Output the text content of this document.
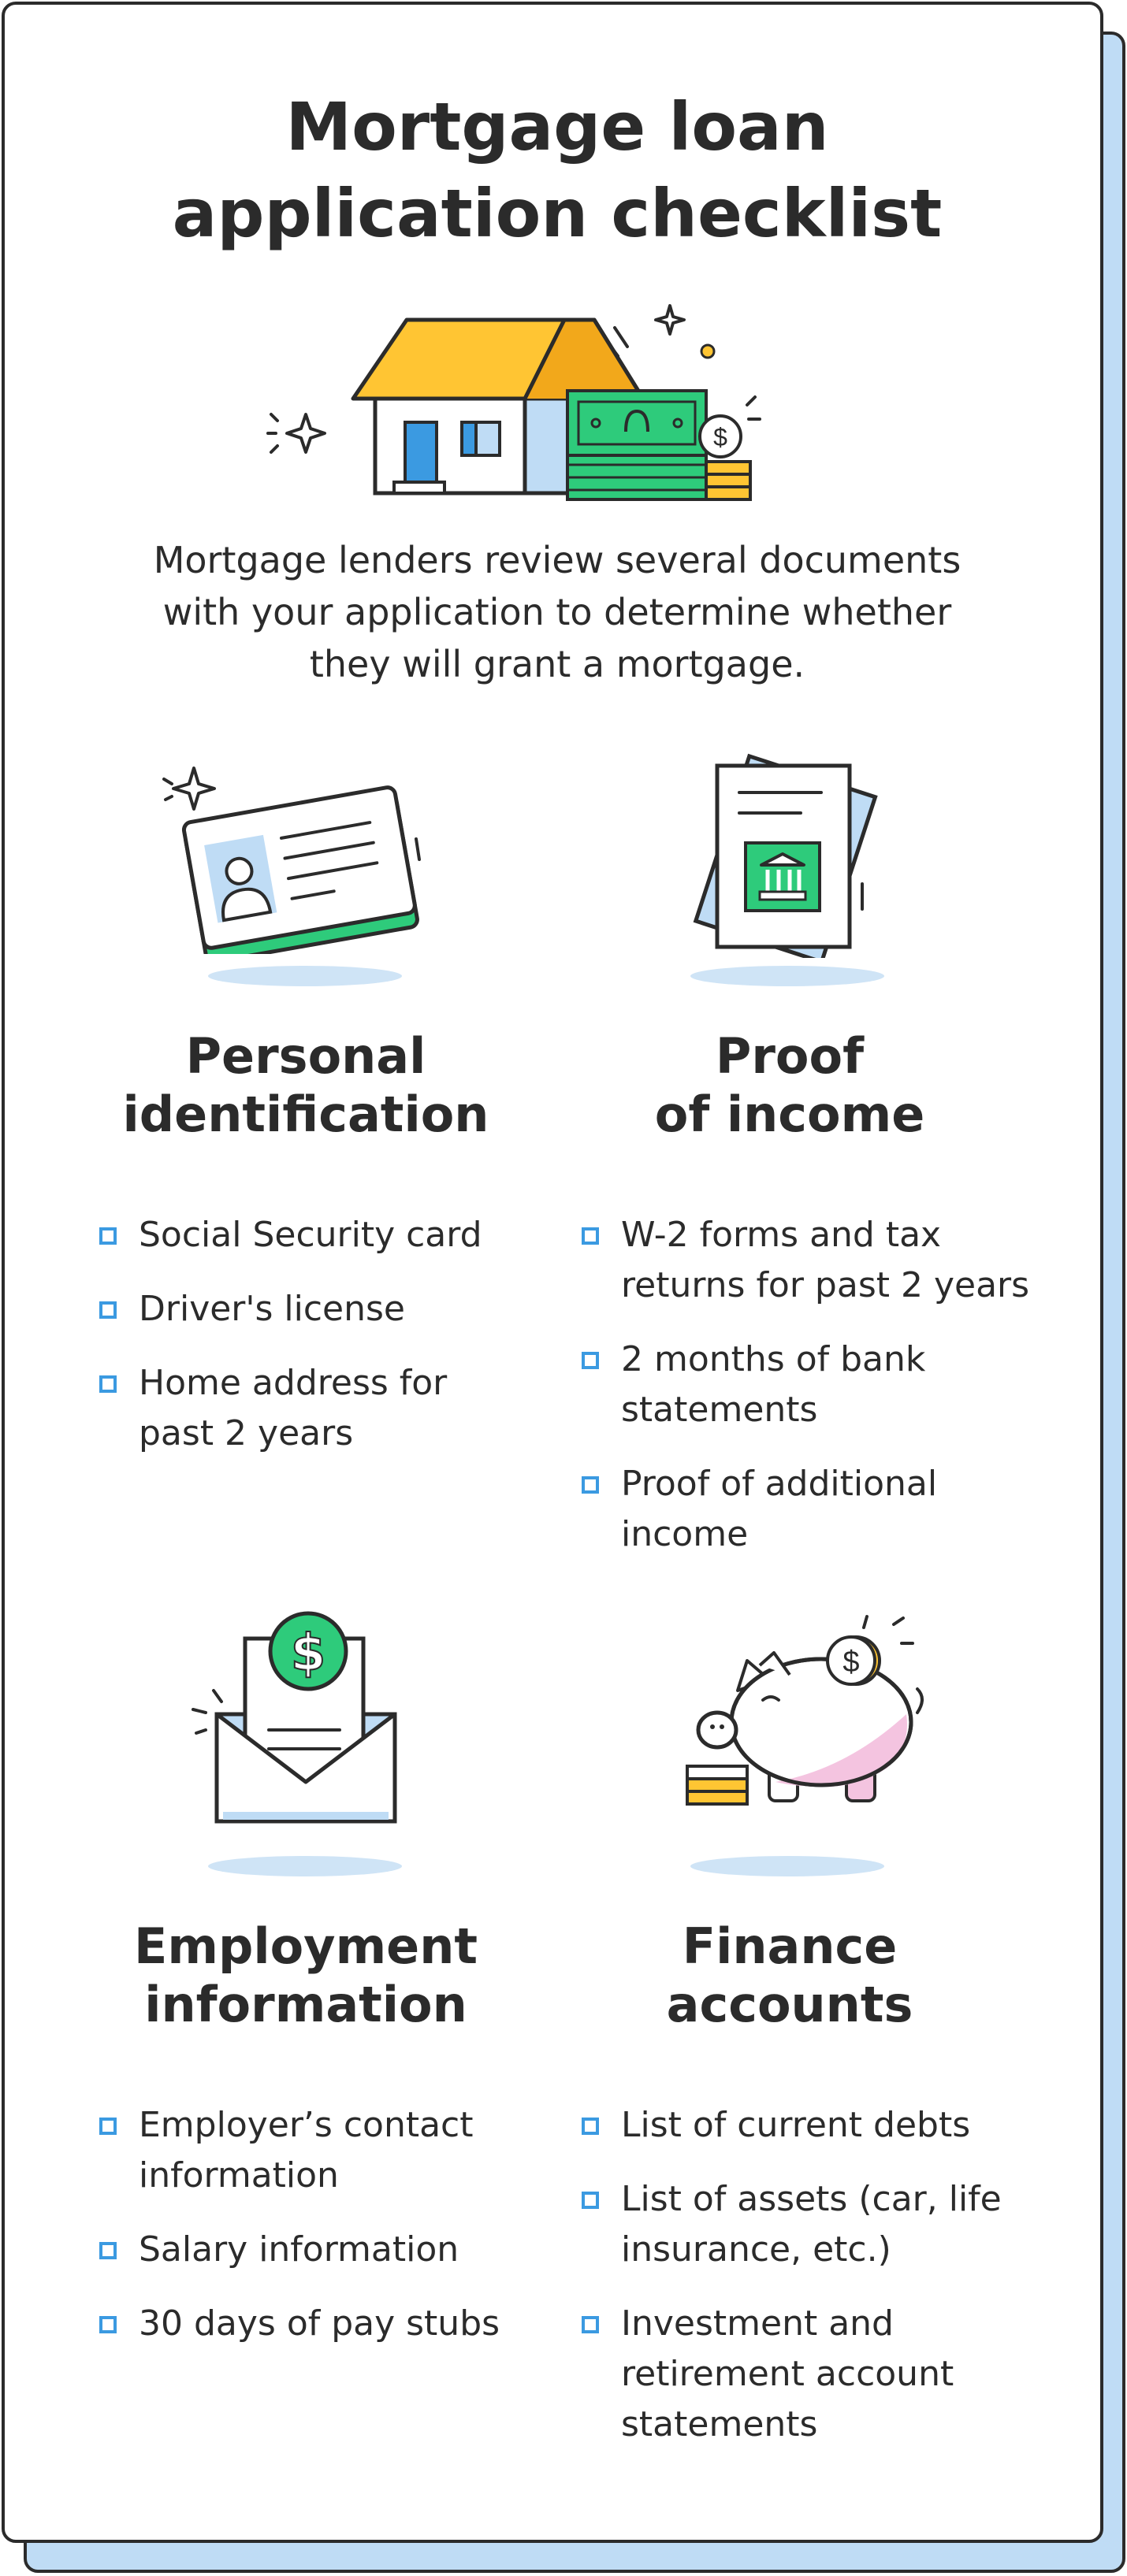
Mortgage loan
application checklist
$

Mortgage lenders review several documents with your application to determine whether they will grant a mortgage.

Personal
identification
Social Security card
Driver's license
Home address for past 2 years
Proof
of income
W-2 forms and tax returns for past 2 years
2 months of bank statements
Proof of additional income
$
Employment
information
Employer’s contact information
Salary information
30 days of pay stubs
$
Finance
accounts
List of current debts
List of assets (car, life insurance, etc.)
Investment and retirement account statements
